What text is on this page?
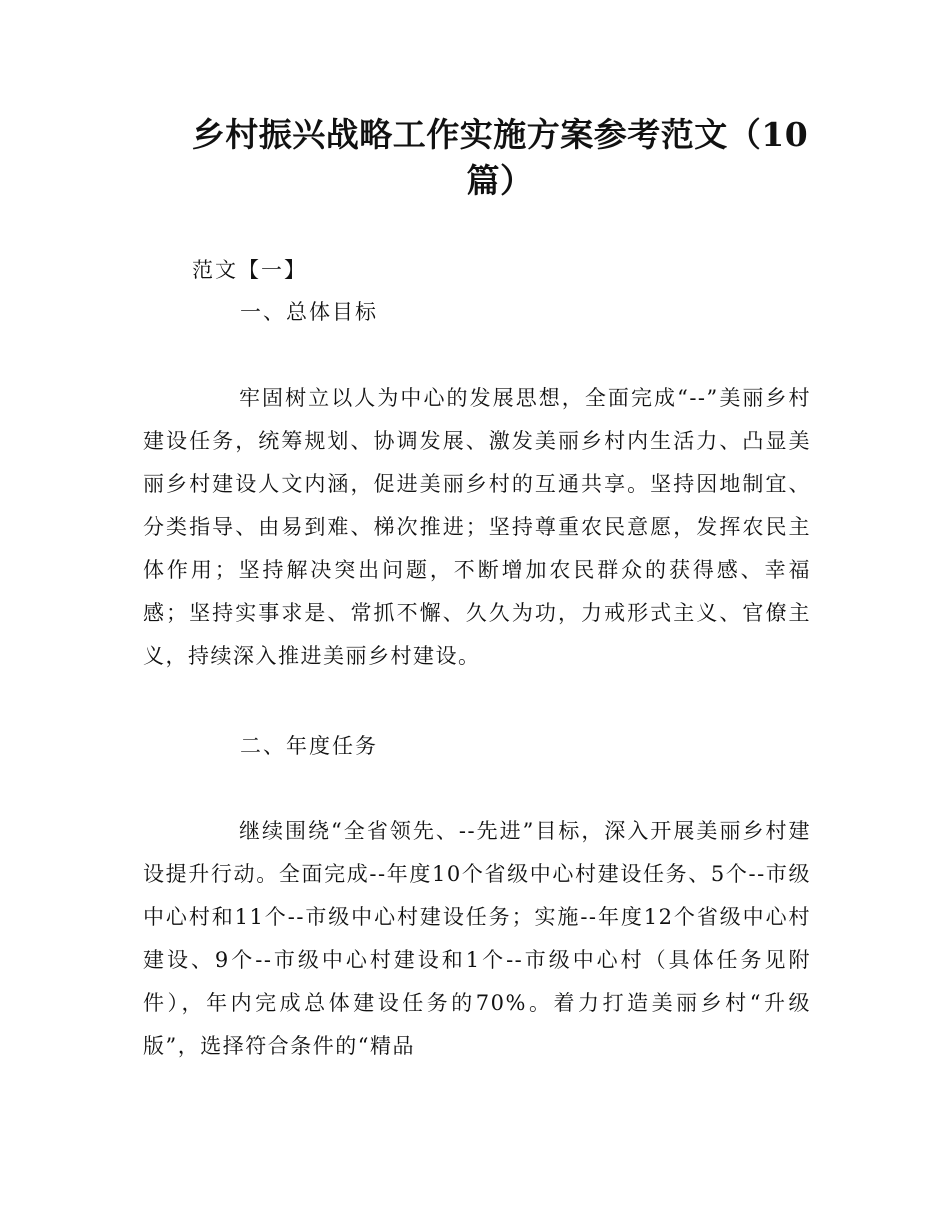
乡村振兴战略工作实施方案参考范文（10篇）
范文【一】
一、总体目标
牢固树立以人为中心的发展思想，全面完成“--”美丽乡村建设任务，统筹规划、协调发展、激发美丽乡村内生活力、凸显美丽乡村建设人文内涵，促进美丽乡村的互通共享。坚持因地制宜、分类指导、由易到难、梯次推进；坚持尊重农民意愿，发挥农民主体作用；坚持解决突出问题，不断增加农民群众的获得感、幸福感；坚持实事求是、常抓不懈、久久为功，力戒形式主义、官僚主义，持续深入推进美丽乡村建设。
二、年度任务
继续围绕“全省领先、--先进”目标，深入开展美丽乡村建设提升行动。全面完成--年度10个省级中心村建设任务、5个--市级中心村和11个--市级中心村建设任务；实施--年度12个省级中心村建设、9个--市级中心村建设和1个--市级中心村（具体任务见附件），年内完成总体建设任务的70%。着力打造美丽乡村“升级版”，选择符合条件的“精品
